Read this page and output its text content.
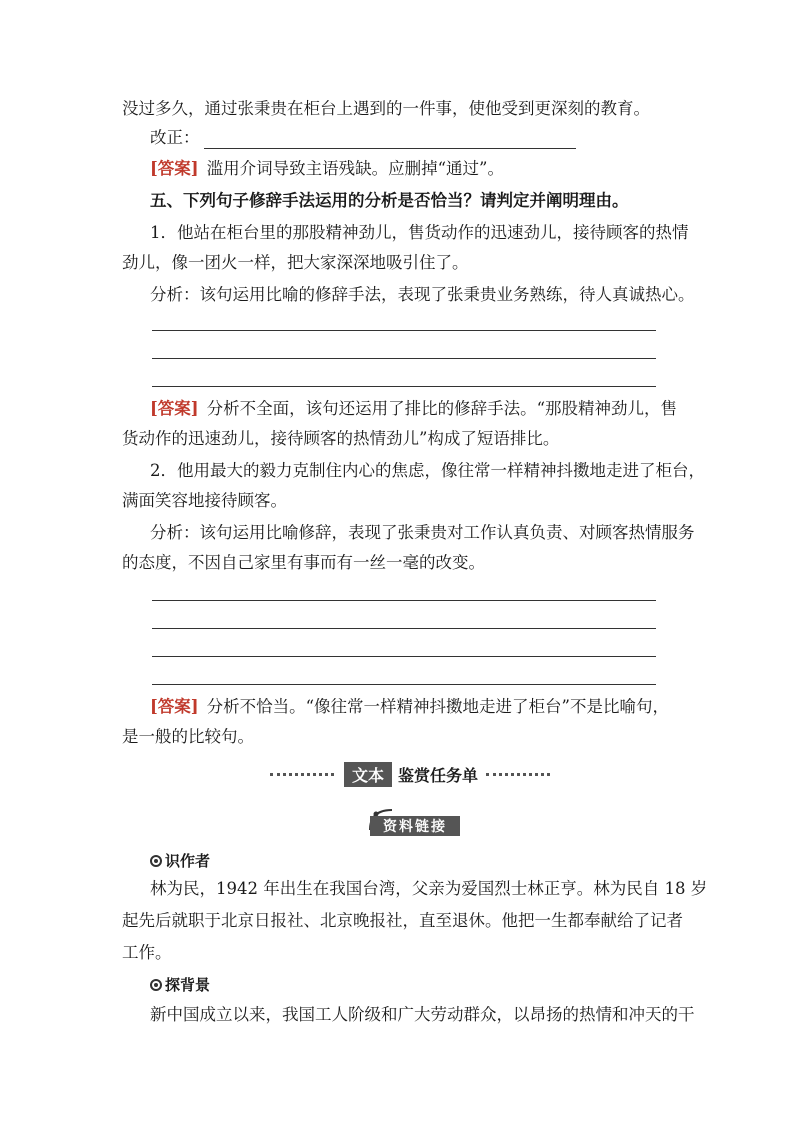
没过多久，通过张秉贵在柜台上遇到的一件事，使他受到更深刻的教育。
改正：
[答案] 滥用介词导致主语残缺。应删掉“通过”。
五、下列句子修辞手法运用的分析是否恰当？请判定并阐明理由。
1．他站在柜台里的那股精神劲儿，售货动作的迅速劲儿，接待顾客的热情
劲儿，像一团火一样，把大家深深地吸引住了。
分析：该句运用比喻的修辞手法，表现了张秉贵业务熟练，待人真诚热心。
[答案] 分析不全面，该句还运用了排比的修辞手法。“那股精神劲儿，售
货动作的迅速劲儿，接待顾客的热情劲儿”构成了短语排比。
2．他用最大的毅力克制住内心的焦虑，像往常一样精神抖擞地走进了柜台，
满面笑容地接待顾客。
分析：该句运用比喻修辞，表现了张秉贵对工作认真负责、对顾客热情服务
的态度，不因自己家里有事而有一丝一毫的改变。
[答案] 分析不恰当。“像往常一样精神抖擞地走进了柜台”不是比喻句，
是一般的比较句。
文本 鉴赏任务单
资料链接
识作者
林为民，1942 年出生在我国台湾，父亲为爱国烈士林正亨。林为民自 18 岁
起先后就职于北京日报社、北京晚报社，直至退休。他把一生都奉献给了记者
工作。
探背景
新中国成立以来，我国工人阶级和广大劳动群众，以昂扬的热情和冲天的干
